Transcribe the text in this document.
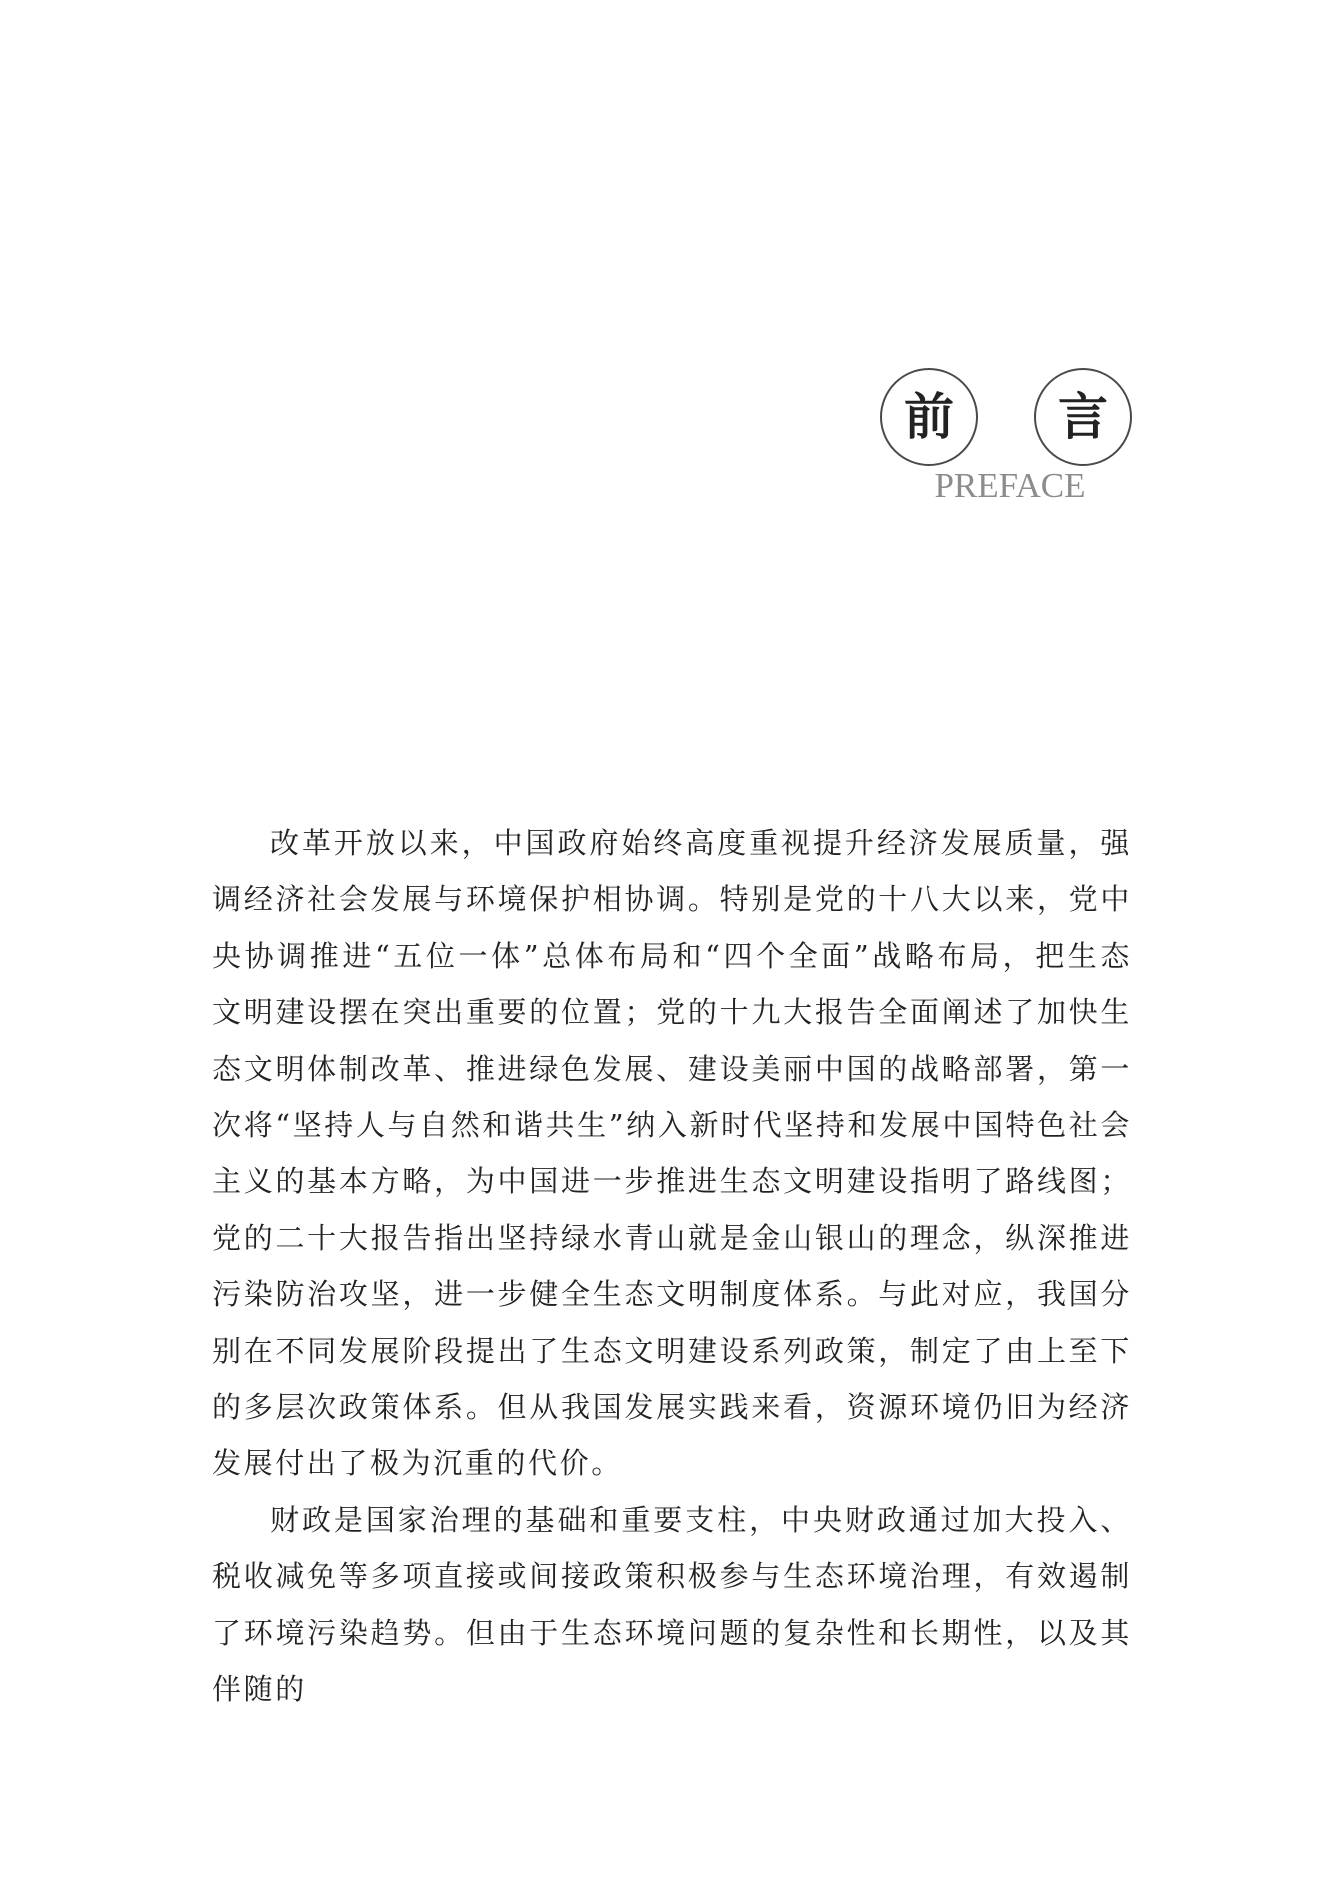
前	言
PREFACE

改革开放以来，中国政府始终高度重视提升经济发展质量，强调经济社会发展与环境保护相协调。特别是党的十八大以来，党中央协调推进“五位一体”总体布局和“四个全面”战略布局，把生态文明建设摆在突出重要的位置；党的十九大报告全面阐述了加快生态文明体制改革、推进绿色发展、建设美丽中国的战略部署，第一次将“坚持人与自然和谐共生”纳入新时代坚持和发展中国特色社会主义的基本方略，为中国进一步推进生态文明建设指明了路线图；党的二十大报告指出坚持绿水青山就是金山银山的理念，纵深推进污染防治攻坚，进一步健全生态文明制度体系。与此对应，我国分别在不同发展阶段提出了生态文明建设系列政策，制定了由上至下的多层次政策体系。但从我国发展实践来看，资源环境仍旧为经济发展付出了极为沉重的代价。

财政是国家治理的基础和重要支柱，中央财政通过加大投入、税收减免等多项直接或间接政策积极参与生态环境治理，有效遏制了环境污染趋势。但由于生态环境问题的复杂性和长期性，以及其伴随的
